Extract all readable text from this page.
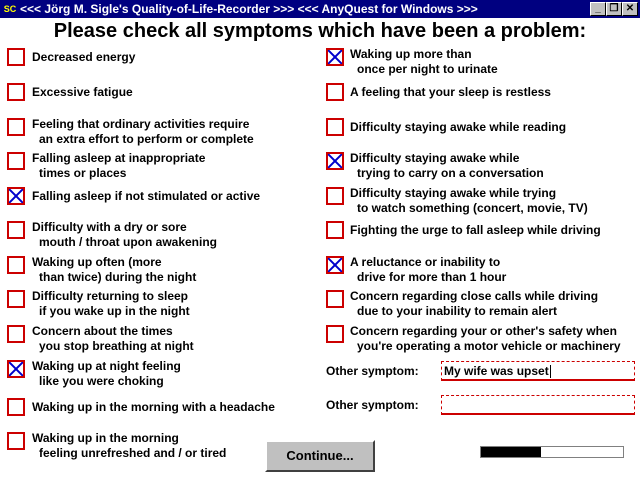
SC <<< Jörg M. Sigle's Quality-of-Life-Recorder >>> <<< AnyQuest for Windows >>>	_ ❐ ✕
Please check all symptoms which have been a problem:
Decreased energy
Excessive fatigue
Feeling that ordinary activities require
an extra effort to perform or complete
Falling asleep at inappropriate
times or places
Falling asleep if not stimulated or active
Difficulty with a dry or sore
mouth / throat upon awakening
Waking up often (more
than twice) during the night
Difficulty returning to sleep
if you wake up in the night
Concern about the times
you stop breathing at night
Waking up at night feeling
like you were choking
Waking up in the morning with a headache
Waking up in the morning
feeling unrefreshed and / or tired
Waking up more than
once per night to urinate
A feeling that your sleep is restless
Difficulty staying awake while reading
Difficulty staying awake while
trying to carry on a conversation
Difficulty staying awake while trying
to watch something (concert, movie, TV)
Fighting the urge to fall asleep while driving
A reluctance or inability to
drive for more than 1 hour
Concern regarding close calls while driving
due to your inability to remain alert
Concern regarding your or other's safety when
you're operating a motor vehicle or machinery
Other symptom: My wife was upset
Other symptom:
Continue...
